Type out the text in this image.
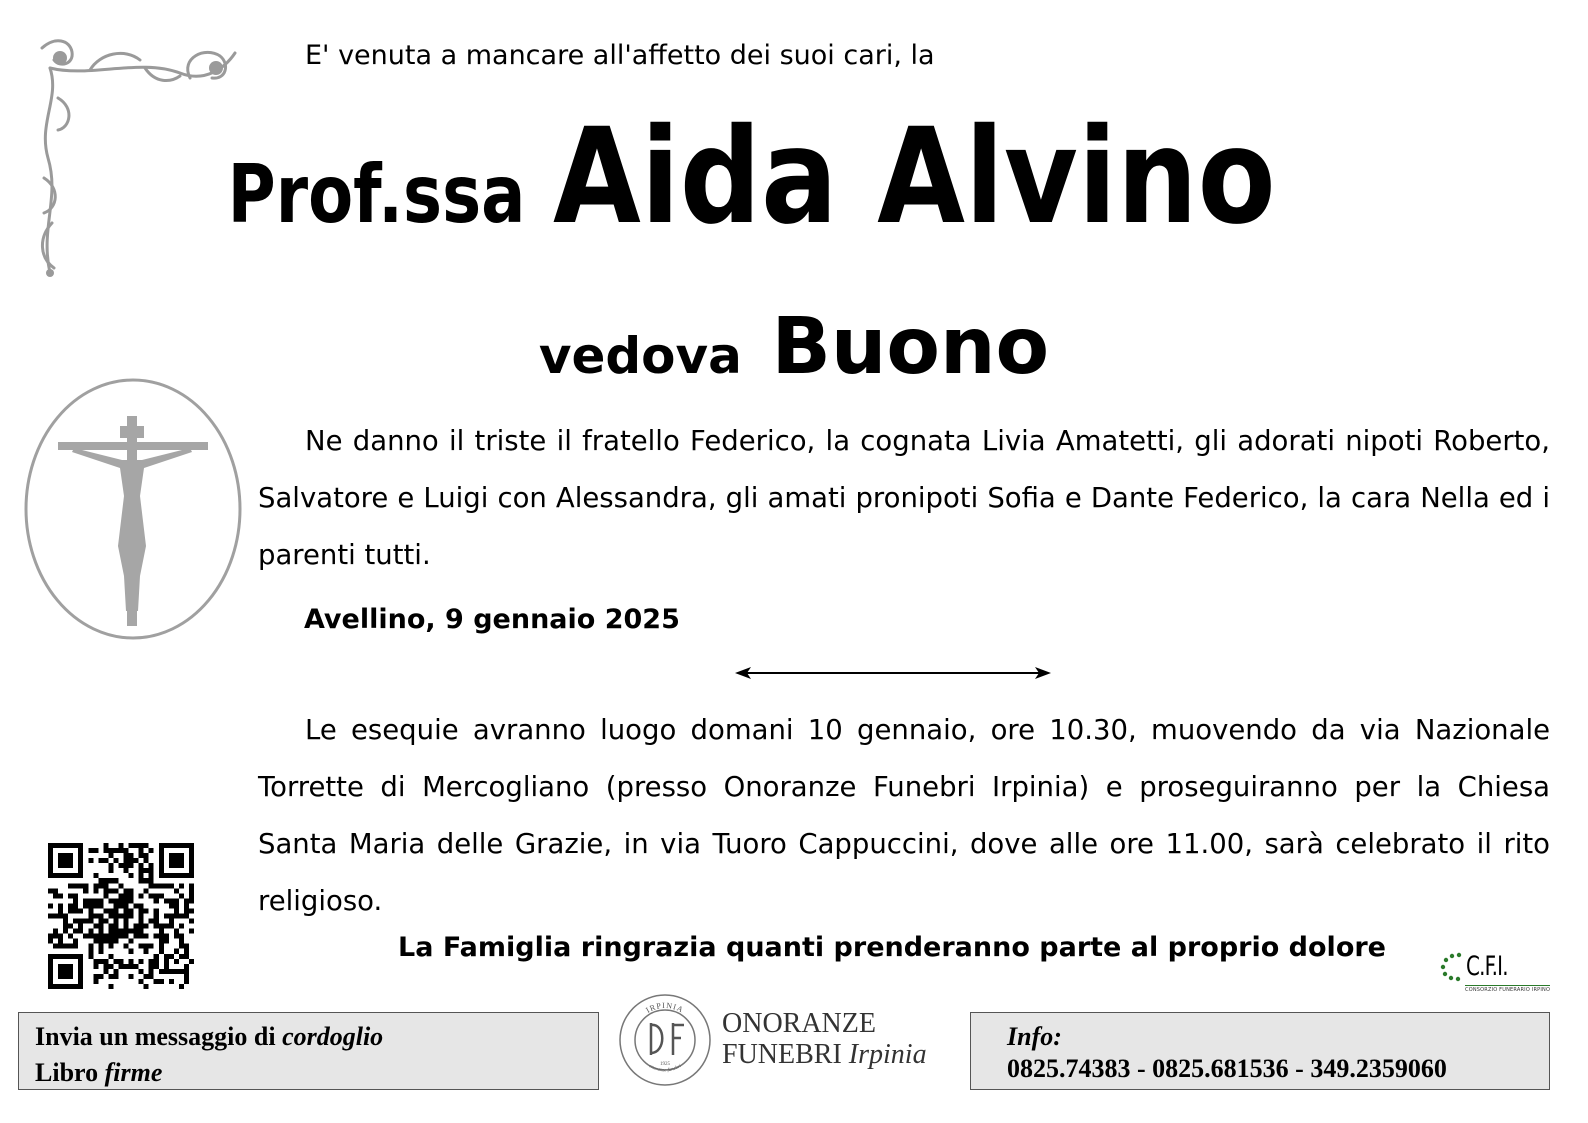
E' venuta a mancare all'affetto dei suoi cari, la
Prof.ssa Aida Alvino
vedova Buono
Ne danno il triste il fratello Federico, la cognata Livia Amatetti, gli adorati nipoti Roberto, Salvatore e Luigi con Alessandra, gli amati pronipoti Sofia e Dante Federico, la cara Nella ed i parenti tutti.
Avellino, 9 gennaio 2025
Le esequie avranno luogo domani 10 gennaio, ore 10.30, muovendo da via Nazionale Torrette di Mercogliano (presso Onoranze Funebri Irpinia) e proseguiranno per la Chiesa Santa Maria delle Grazie, in via Tuoro Cappuccini, dove alle ore 11.00, sarà celebrato il rito religioso.
La Famiglia ringrazia quanti prenderanno parte al proprio dolore
C.F.I.
CONSORZIO FUNERARIO IRPINO
Invia un messaggio di cordoglio
Libro firme
IRPINIA
onoranze funebri
1925
ONORANZE
FUNEBRI Irpinia
Info:
0825.74383 - 0825.681536 - 349.2359060
